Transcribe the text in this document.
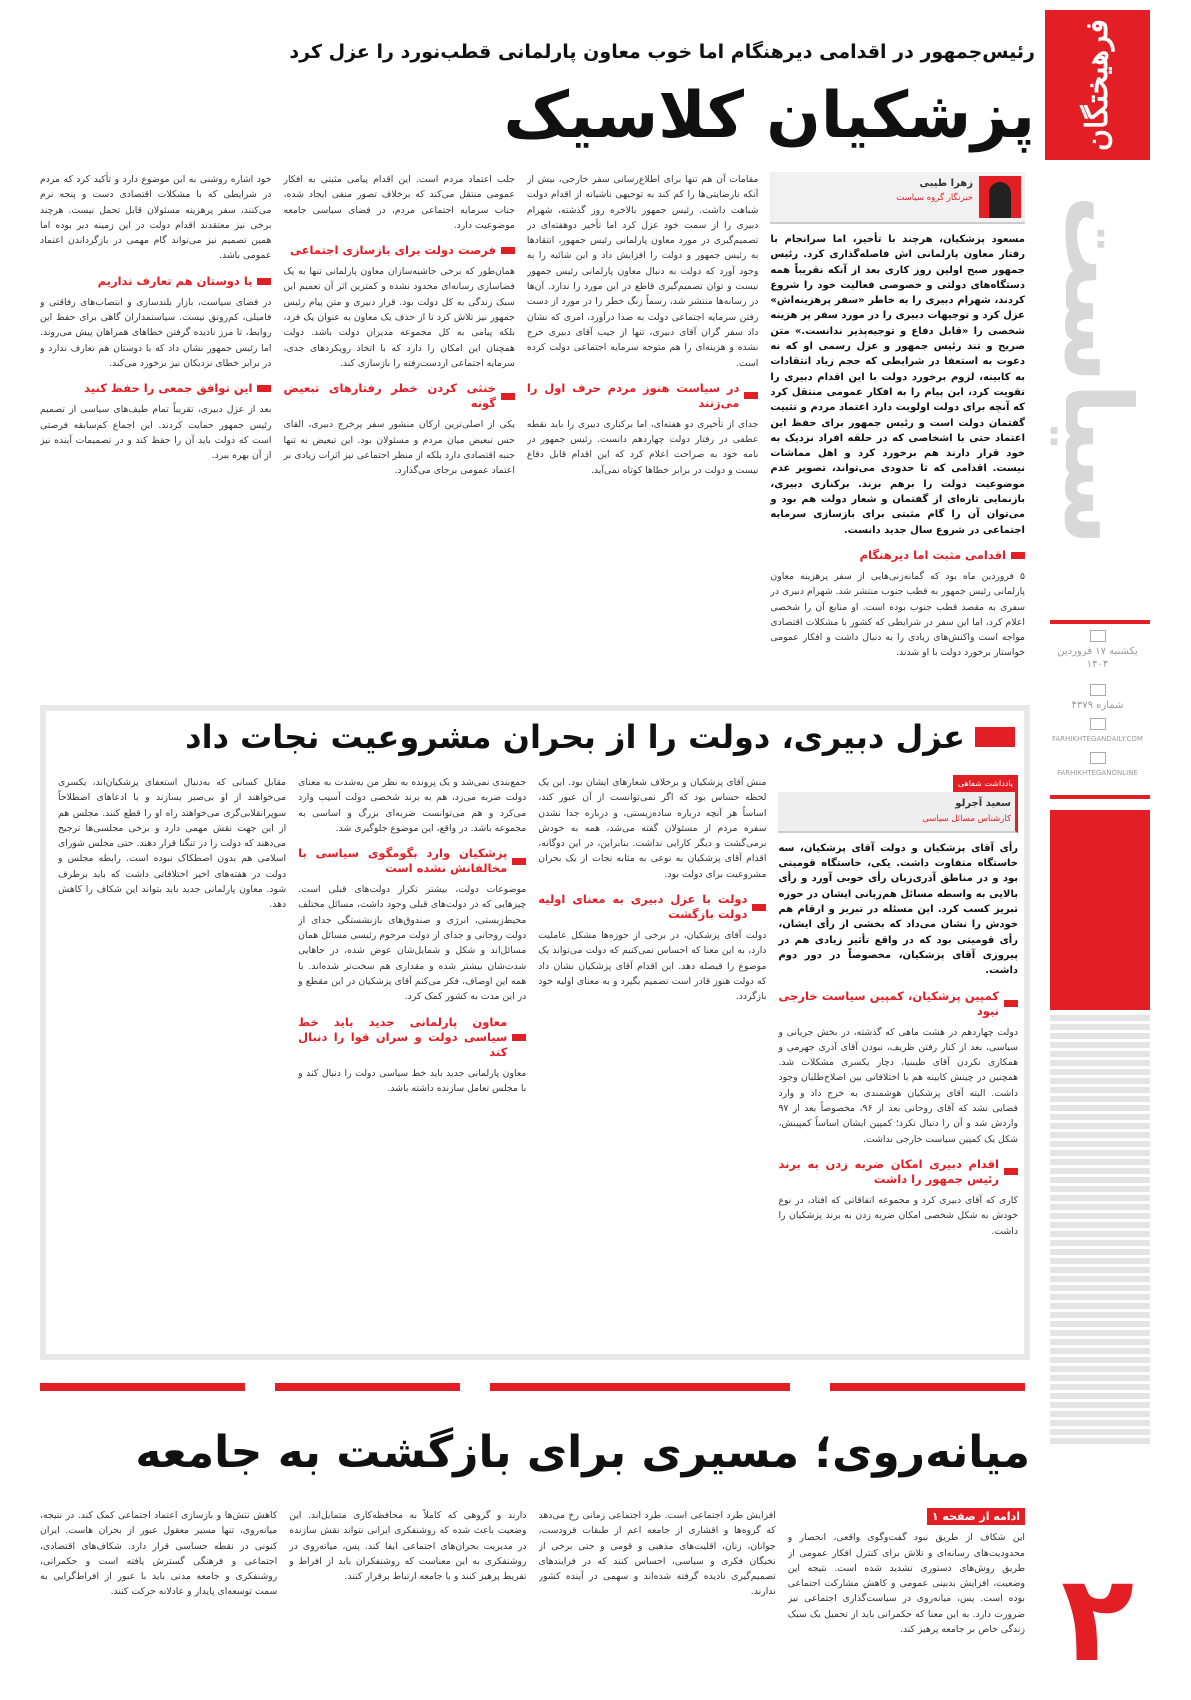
فرهیختگان
سیاست
یکشنبه ۱۷ فروردین ۱۴۰۴
شماره ۴۳۷۹
FARHIKHTEGANDAILY.COM
FARHIKHTEGANONLINE
۲
رئیس‌جمهور در اقدامی دیرهنگام اما خوب معاون پارلمانی قطب‌نورد را عزل کرد
پزشکیان کلاسیک
زهرا طیبی
خبرنگار گروه سیاست

مسعود پزشکیان، هرچند با تأخیر، اما سرانجام با رفتار معاون پارلمانی اش فاصله‌گذاری کرد. رئیس جمهور صبح اولین روز کاری بعد از آنکه نقریباً همه دستگاه‌های دولتی و خصوصی فعالیت خود را شروع کردند، شهرام دبیری را به خاطر «سفر پرهزینه‌اش» عزل کرد و توجیهات دبیری را در مورد سفر پر هزینه شخصی را «قابل دفاع و توجیه‌پذیر ندانست.» متن صریح و تند رئیس جمهور و عزل رسمی او که نه دعوت به استعفا در شرایطی که حجم زیاد انتقادات به کابینه، لزوم برخورد دولت با این اقدام دبیری را تقویت کرد، این پیام را به افکار عمومی منتقل کرد که آنچه برای دولت اولویت دارد اعتماد مردم و تثبیت گفتمان دولت است و رئیس جمهور برای حفظ این اعتماد حتی با اشخاصی که در حلقه افراد نزدیک به خود قرار دارند هم برخورد کرد و اهل مماشات نیست. اقدامی که تا حدودی می‌تواند، تصویر عدم موضوعیت دولت را برهم بزند. برکناری دبیری، بازنمایی تازه‌ای از گفتمان و شعار دولت هم بود و می‌توان آن را گام مثبتی برای بازسازی سرمایه اجتماعی در شروع سال جدید دانست.

اقدامی مثبت اما دیرهنگام

۵ فروردین ماه بود که گمانه‌زنی‌هایی از سفر پرهزینه معاون پارلمانی رئیس جمهور به قطب جنوب منتشر شد. شهرام دبیری در سفری به مقصد قطب جنوب بوده است. او منابع آن را شخصی اعلام کرد، اما این سفر در شرایطی که کشور با مشکلات اقتصادی مواجه است واکنش‌های زیادی را به دنبال داشت و افکار عمومی خواستار برخورد دولت با او شدند.

مقامات آن هم تنها برای اطلاع‌رسانی سفر خارجی، بیش از آنکه نارضایتی‌ها را کم کند به توجیهی ناشیانه از اقدام دولت شباهت داشت. رئیس جمهور بالاخره روز گذشته، شهرام دبیری را از سمت خود عزل کرد اما تأخیر دوهفته‌ای در تصمیم‌گیری در مورد معاون پارلمانی رئیس جمهور، انتقادها به رئیس جمهور و دولت را افزایش داد و این شائبه را به وجود آورد که دولت به دنبال معاون پارلمانی رئیس جمهور نیست و توان تصمیم‌گیری قاطع در این مورد را ندارد. آن‌ها در رسانه‌ها منتشر شد، رسماً زنگ خطر را در مورد از دست رفتن سرمایه اجتماعی دولت به صدا درآورد، امری که نشان داد سفر گران آقای دبیری، تنها از جیب آقای دبیری خرج نشده و هزینه‌ای را هم متوجه سرمایه اجتماعی دولت کرده است.

در سیاست هنوز مردم حرف اول را می‌زنند

جدای از تأخیری دو هفته‌ای، اما برکناری دبیری را باید نقطه عطفی در رفتار دولت چهاردهم دانست. رئیس جمهور در نامه خود به صراحت اعلام کرد که این اقدام قابل دفاع نیست و دولت در برابر خطاها کوتاه نمی‌آید.

جلب اعتماد مردم است. این اقدام پیامی مثبتی به افکار عمومی منتقل می‌کند که برخلاف تصور منفی ایجاد شده، جناب سرمایه اجتماعی مردم، در فضای سیاسی جامعه موضوعیت دارد.

فرصت دولت برای بازسازی اجتماعی

همان‌طور که برخی حاشیه‌سازان معاون پارلمانی تنها به یک فضاسازی رسانه‌ای محدود نشده و کمترین اثر آن تعمیم این سبک زندگی به کل دولت بود. قرار دبیری و متن پیام رئیس جمهور نیز تلاش کرد تا از حذف یک معاون به عنوان یک فرد، بلکه پیامی به کل مجموعه مدیران دولت باشد. دولت همچنان این امکان را دارد که با اتخاذ رویکردهای جدی، سرمایه اجتماعی ازدست‌رفته را بازسازی کند.

خنثی کردن خطر رفتارهای تبعیض گونه

یکی از اصلی‌ترین ارکان منشور سفر پرخرج دبیری، القای حس تبعیض میان مردم و مسئولان بود. این تبعیض نه تنها جنبه اقتصادی دارد بلکه از منظر اجتماعی نیز اثرات زیادی بر اعتماد عمومی برجای می‌گذارد.

خود اشاره روشنی به این موضوع دارد و تأکید کرد که مردم در شرایطی که با مشکلات اقتصادی دست و پنجه نرم می‌کنند، سفر پرهزینه مسئولان قابل تحمل نیست. هرچند برخی نیز معتقدند اقدام دولت در این زمینه دیر بوده اما همین تصمیم نیز می‌تواند گام مهمی در بازگرداندن اعتماد عمومی باشد.

با دوستان هم تعارف نداریم

در فضای سیاست، بازار بلندسازی و انتصاب‌های رفاقتی و فامیلی، کم‌رونق نیست. سیاستمداران گاهی برای حفظ این روابط، تا مرز نادیده گرفتن خطاهای همراهان پیش می‌روند. اما رئیس جمهور نشان داد که با دوستان هم تعارف ندارد و در برابر خطای نزدیکان نیز برخورد می‌کند.

این توافق جمعی را حفظ کنید

بعد از عزل دبیری، تقریباً تمام طیف‌های سیاسی از تصمیم رئیس جمهور حمایت کردند. این اجماع کم‌سابقه فرصتی است که دولت باید آن را حفظ کند و در تصمیمات آینده نیز از آن بهره ببرد.

عزل دبیری، دولت را از بحران مشروعیت نجات داد
یادداشت شفاهی
سعید آجرلو
کارشناس مسائل سیاسی

رأی آقای پزشکیان و دولت آقای پزشکیان، سه خاستگاه متفاوت داشت. یکی، خاستگاه قومیتی بود و در مناطق آذری‌زبان رأی خوبی آورد و رأی بالایی به واسطه مسائل هم‌زبانی ایشان در حوزه تبریز کسب کرد. این مسئله در تبریز و ارقام هم خودش را نشان می‌داد که بخشی از رأی ایشان، رأی قومیتی بود که در واقع تأثیر زیادی هم در پیروزی آقای پزشکیان، مخصوصاً در دور دوم داشت.

کمپین پزشکیان، کمپین سیاست خارجی نبود

دولت چهاردهم در هشت ماهی که گذشته، در بخش جریانی و سیاسی، بعد از کنار رفتن ظریف، نبودن آقای آذری جهرمی و همکاری نکردن آقای طیبنیا، دچار یکسری مشکلات شد. همچنین در چینش کابینه هم با اختلافاتی بین اصلاح‌طلبان وجود داشت. البته آقای پزشکیان هوشمندی به خرج داد و وارد فضایی نشد که آقای روحانی بعد از ۹۶، مخصوصاً بعد از ۹۷ واردش شد و آن را دنبال نکرد؛ کمپین ایشان اساساً کمپینش، شکل یک کمپین سیاست خارجی نداشت.

اقدام دبیری امکان ضربه زدن به برند رئیس جمهور را داشت

کاری که آقای دبیری کرد و مجموعه اتفاقاتی که افتاد، در نوع خودش به شکل شخصی امکان ضربه زدن به برند پزشکیان را داشت.

منش آقای پزشکیان و برخلاف شعارهای ایشان بود. این یک لحظه حساس بود که اگر نمی‌توانست از آن عبور کند، اساساً هر آنچه درباره ساده‌زیستی، و درباره جدا نشدن سفره مردم از مسئولان گفته می‌شد، همه به خودش برمی‌گشت و دیگر کارایی نداشت. بنابراین، در این دوگانه، اقدام آقای پزشکیان به نوعی به مثابه نجات از یک بحران مشروعیت برای دولت بود.

دولت با عزل دبیری به معنای اولیه دولت بازگشت

دولت آقای پزشکیان، در برخی از حوزه‌ها مشکل عاملیت دارد، به این معنا که احساس نمی‌کنیم که دولت می‌تواند یک موضوع را قیصله دهد. این اقدام آقای پزشکیان نشان داد که دولت هنوز قادر است تصمیم بگیرد و به معنای اولیه خود بازگردد.

جمع‌بندی نمی‌شد و یک پرونده به نظر من به‌شدت به معنای دولت ضربه می‌زد، هم به برند شخصی دولت آسیب وارد می‌کرد و هم می‌توانست ضربه‌ای بزرگ و اساسی به مجموعه باشد. در واقع، این موضوع جلوگیری شد.

پزشکیان وارد بگومگوی سیاسی با مخالفانش نشده است

موضوعات دولت، بیشتر تکرار دولت‌های قبلی است. چیزهایی که در دولت‌های قبلی وجود داشت، مسائل مختلف محیط‌زیستی، انرژی و صندوق‌های بازنشستگی جدای از دولت روحانی و جدای از دولت مرحوم رئیسی مسائل همان مسائل‌اند و شکل و شمایل‌شان عوض شده، در جاهایی شدت‌شان بیشتر شده و مقداری هم سخت‌تر شده‌اند. با همه این اوصاف، فکر می‌کنم آقای پزشکیان در این مقطع و در این مدت به کشور کمک کرد.

معاون پارلمانی جدید باید خط سیاسی دولت و سران قوا را دنبال کند

معاون پارلمانی جدید باید خط سیاسی دولت را دنبال کند و با مجلس تعامل سازنده داشته باشد.

مقابل کسانی که به‌دنبال استعفای پزشکیان‌اند، یکسری می‌خواهند از او بی‌صبر بسازند و با ادعاهای اصطلاحاً سوپرانقلابی‌گری می‌خواهند راه او را قطع کنند. مجلس هم از این جهت نقش مهمی دارد و برخی مجلسی‌ها ترجیح می‌دهند که دولت را در تنگنا قرار دهند. حتی مجلس شورای اسلامی هم بدون اصطکاک نبوده است. رابطه مجلس و دولت در هفته‌های اخیر اختلافاتی داشت که باید برطرف شود. معاون پارلمانی جدید باید بتواند این شکاف را کاهش دهد.

میانه‌روی؛ مسیری برای بازگشت به جامعه
ادامه از صفحه ۱

این شکاف از طریق نبود گفت‌وگوی واقعی، انحصار و محدودیت‌های رسانه‌ای و تلاش برای کنترل افکار عمومی از طریق روش‌های دستوری تشدید شده است. نتیجه این وضعیت، افزایش بدبینی عمومی و کاهش مشارکت اجتماعی بوده است. پس، میانه‌روی در سیاست‌گذاری اجتماعی نیز ضرورت دارد. به این معنا که حکمرانی باید از تحمیل یک سبک زندگی خاص بر جامعه پرهیز کند.

افزایش طرد اجتماعی است. طرد اجتماعی زمانی رخ می‌دهد که گروه‌ها و اقشاری از جامعه اعم از طبقات فرودست، جوانان، زنان، اقلیت‌های مذهبی و قومی و حتی برخی از نخبگان فکری و سیاسی، احساس کنند که در فرایندهای تصمیم‌گیری نادیده گرفته شده‌اند و سهمی در آینده کشور ندارند.

دارند و گروهی که کاملاً به محافظه‌کاری متمایل‌اند. این وضعیت باعث شده که روشنفکری ایرانی نتواند نقش سازنده در مدیریت بحران‌های اجتماعی ایفا کند. پس، میانه‌روی در روشنفکری به این معناست که روشنفکران باید از افراط و تفریط پرهیز کنند و با جامعه ارتباط برقرار کنند.

کاهش تنش‌ها و بازسازی اعتماد اجتماعی کمک کند. در نتیجه، میانه‌روی، تنها مسیر معقول عبور از بحران هاست. ایران کنونی در نقطه حساسی قرار دارد. شکاف‌های اقتصادی، اجتماعی و فرهنگی گسترش یافته است و حکمرانی، روشنفکری و جامعه مدنی باید با عبور از افراط‌گرایی به سمت توسعه‌ای پایدار و عادلانه حرکت کنند.
